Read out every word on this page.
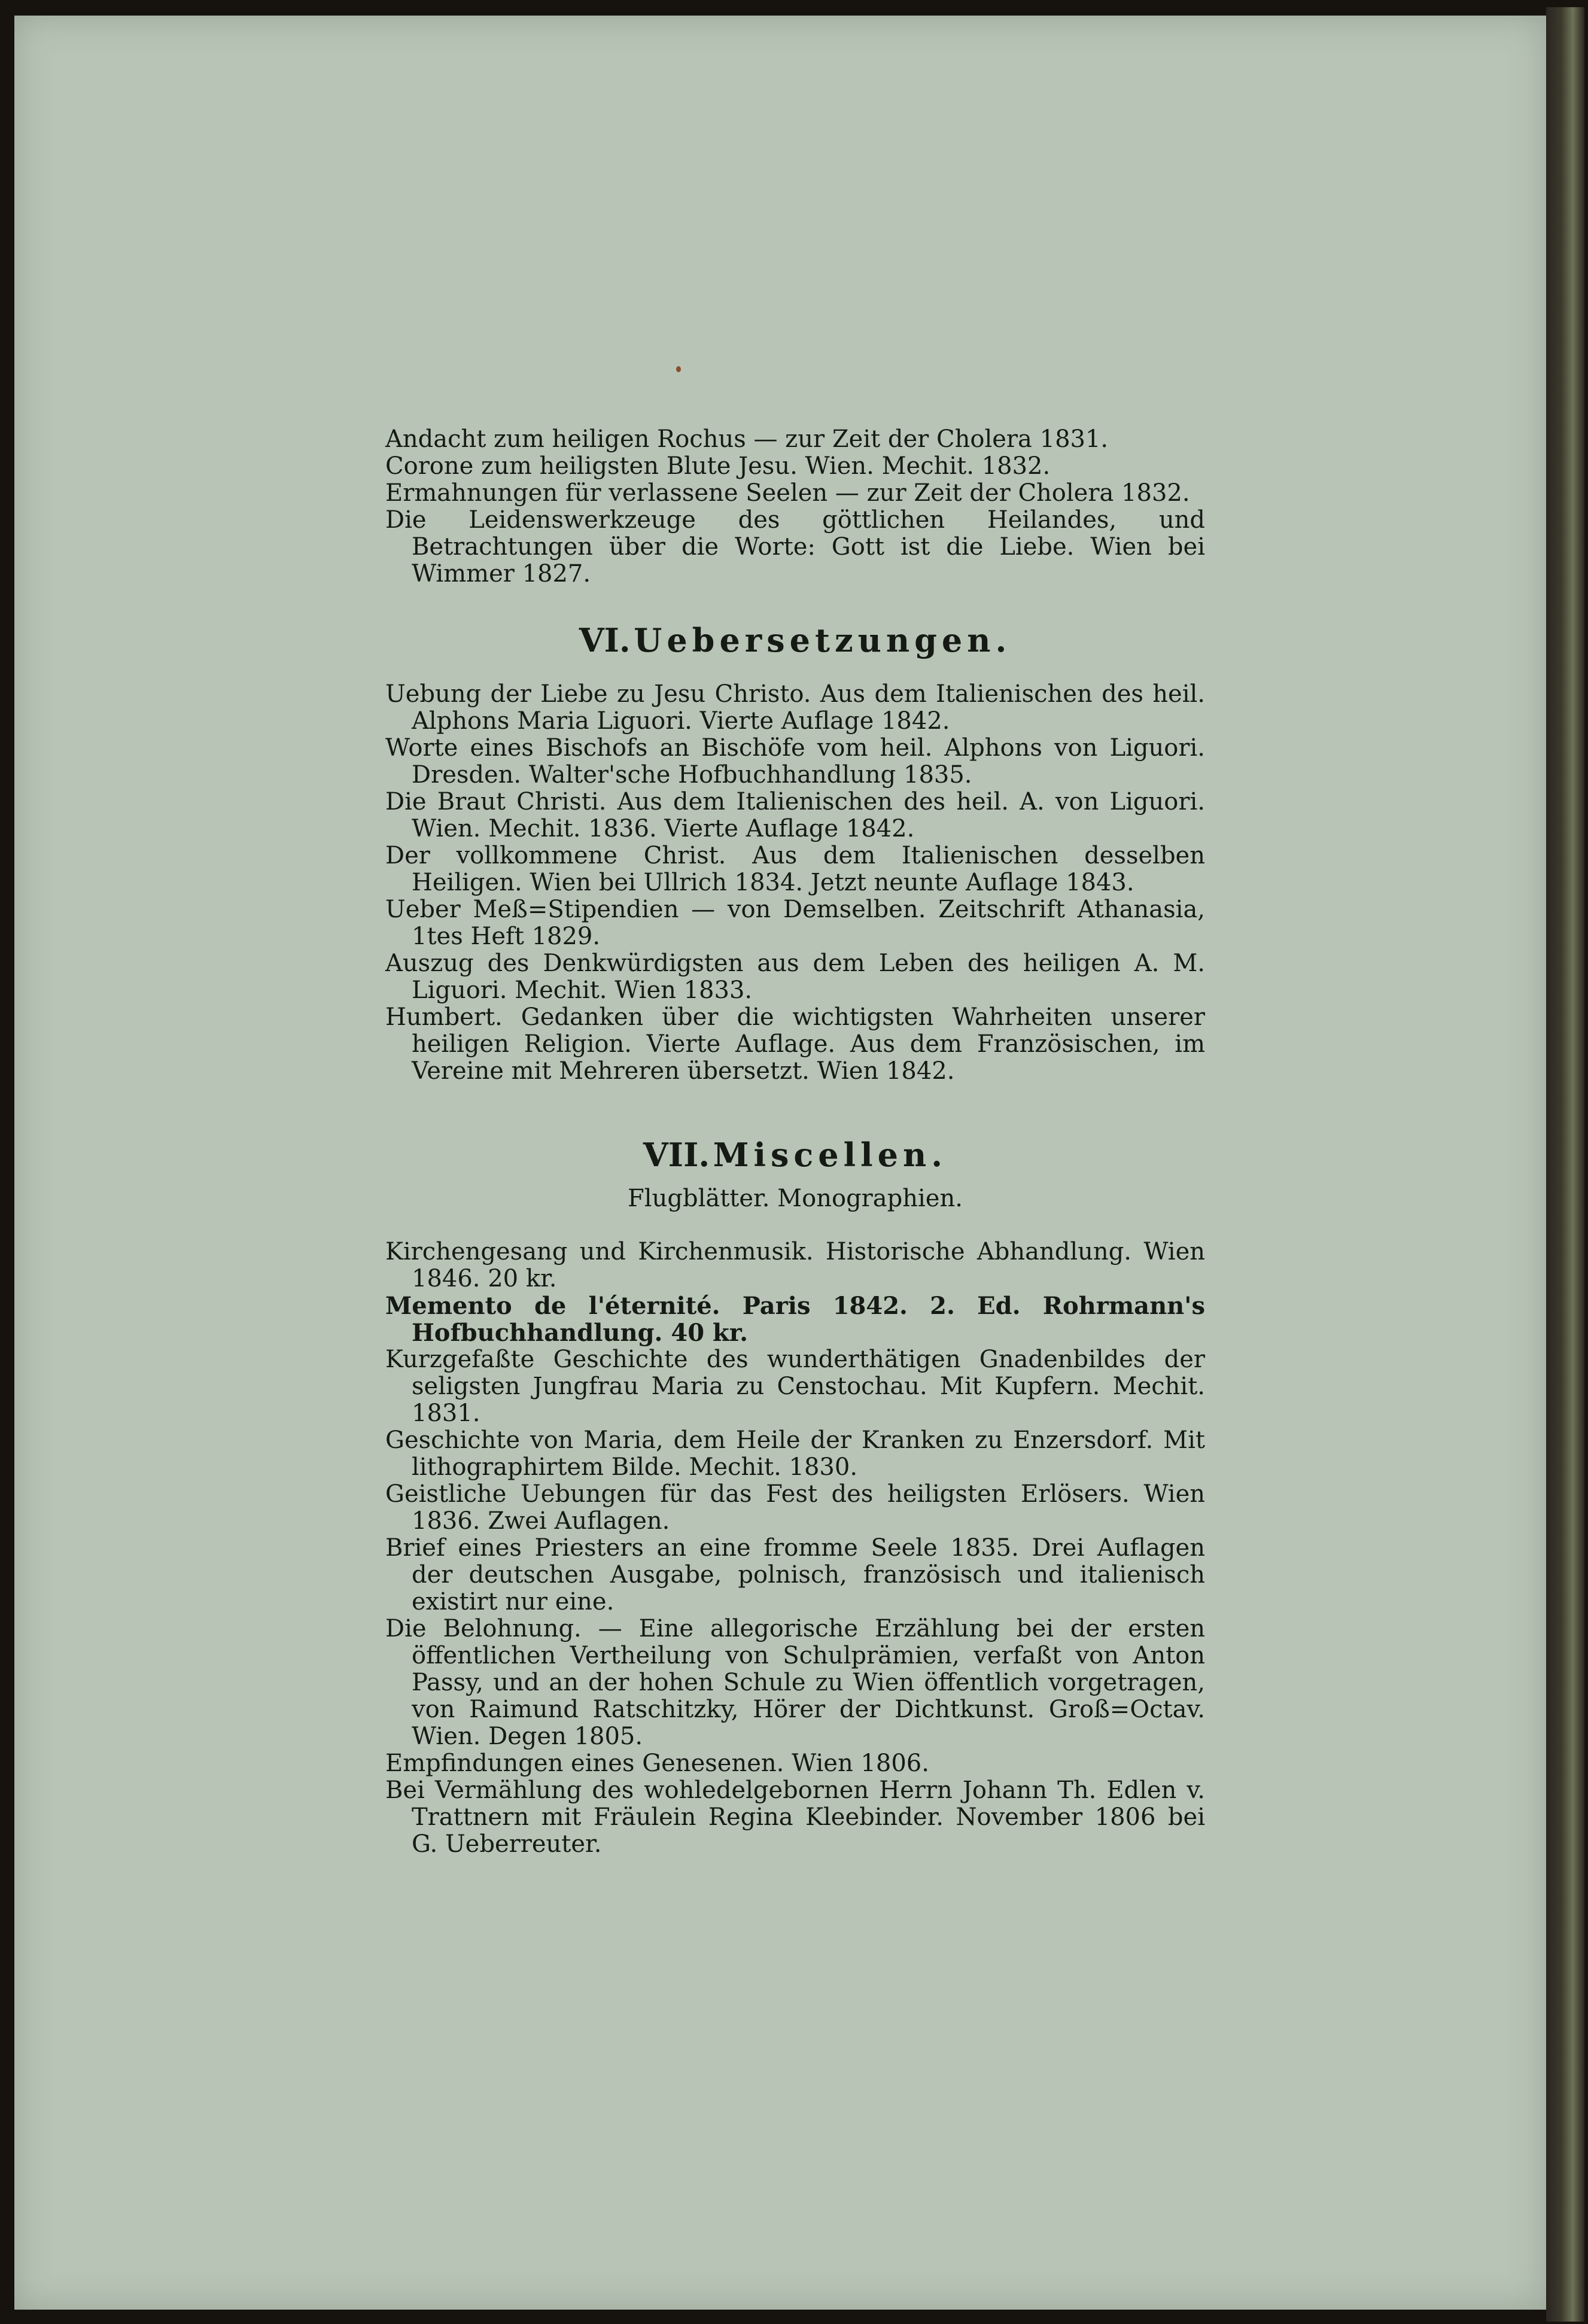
Andacht zum heiligen Rochus — zur Zeit der Cholera 1831.

Corone zum heiligsten Blute Jesu. Wien. Mechit. 1832.

Ermahnungen für verlassene Seelen — zur Zeit der Cholera 1832.

Die Leidenswerkzeuge des göttlichen Heilandes, und Betrachtungen über die Worte: Gott ist die Liebe. Wien bei Wimmer 1827.

VI. Uebersetzungen.

Uebung der Liebe zu Jesu Christo. Aus dem Italienischen des heil. Alphons Maria Liguori. Vierte Auflage 1842.

Worte eines Bischofs an Bischöfe vom heil. Alphons von Liguori. Dresden. Walter'sche Hofbuchhandlung 1835.

Die Braut Christi. Aus dem Italienischen des heil. A. von Liguori. Wien. Mechit. 1836. Vierte Auflage 1842.

Der vollkommene Christ. Aus dem Italienischen desselben Heiligen. Wien bei Ullrich 1834. Jetzt neunte Auflage 1843.

Ueber Meß=Stipendien — von Demselben. Zeitschrift Athanasia, 1tes Heft 1829.

Auszug des Denkwürdigsten aus dem Leben des heiligen A. M. Liguori. Mechit. Wien 1833.

Humbert. Gedanken über die wichtigsten Wahrheiten unserer heiligen Religion. Vierte Auflage. Aus dem Französischen, im Vereine mit Mehreren übersetzt. Wien 1842.

VII. Miscellen.
Flugblätter. Monographien.

Kirchengesang und Kirchenmusik. Historische Abhandlung. Wien 1846. 20 kr.

Memento de l'éternité. Paris 1842. 2. Ed. Rohrmann's Hofbuchhandlung. 40 kr.

Kurzgefaßte Geschichte des wunderthätigen Gnadenbildes der seligsten Jungfrau Maria zu Censtochau. Mit Kupfern. Mechit. 1831.

Geschichte von Maria, dem Heile der Kranken zu Enzersdorf. Mit lithographirtem Bilde. Mechit. 1830.

Geistliche Uebungen für das Fest des heiligsten Erlösers. Wien 1836. Zwei Auflagen.

Brief eines Priesters an eine fromme Seele 1835. Drei Auflagen der deutschen Ausgabe, polnisch, französisch und italienisch existirt nur eine.

Die Belohnung. — Eine allegorische Erzählung bei der ersten öffentlichen Vertheilung von Schulprämien, verfaßt von Anton Passy, und an der hohen Schule zu Wien öffentlich vorgetragen, von Raimund Ratschitzky, Hörer der Dichtkunst. Groß=Octav. Wien. Degen 1805.

Empfindungen eines Genesenen. Wien 1806.

Bei Vermählung des wohledelgebornen Herrn Johann Th. Edlen v. Trattnern mit Fräulein Regina Kleebinder. November 1806 bei G. Ueberreuter.
